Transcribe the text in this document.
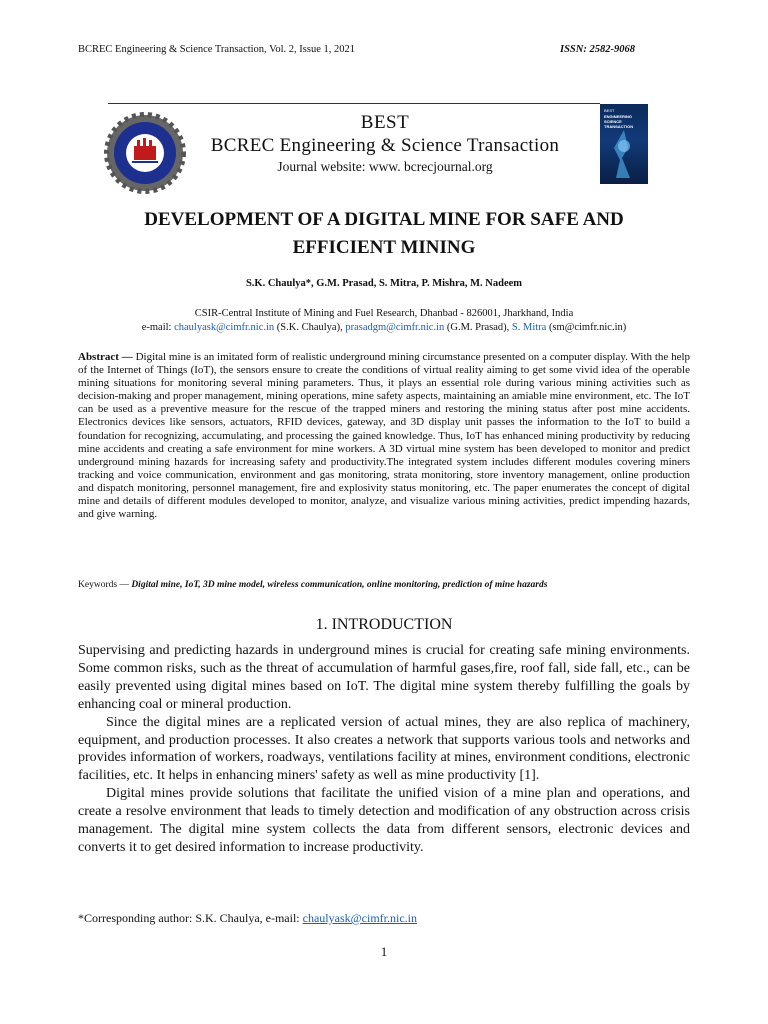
BCREC Engineering & Science Transaction, Vol. 2, Issue 1, 2021	ISSN: 2582-9068
BEST
BCREC Engineering & Science Transaction
Journal website: www. bcrecjournal.org
BEST
ENGINEERING SCIENCE TRANSACTION
DEVELOPMENT OF A DIGITAL MINE FOR SAFE AND
EFFICIENT MINING
S.K. Chaulya*, G.M. Prasad, S. Mitra, P. Mishra, M. Nadeem
CSIR-Central Institute of Mining and Fuel Research, Dhanbad - 826001, Jharkhand, India
e-mail: chaulyask@cimfr.nic.in (S.K. Chaulya), prasadgm@cimfr.nic.in (G.M. Prasad), S. Mitra (sm@cimfr.nic.in)
Abstract — Digital mine is an imitated form of realistic underground mining circumstance presented on a computer display. With the help of the Internet of Things (IoT), the sensors ensure to create the conditions of virtual reality aiming to get some vivid idea of the operable mining situations for monitoring several mining parameters. Thus, it plays an essential role during various mining activities such as decision-making and proper management, mining operations, mine safety aspects, maintaining an amiable mine environment, etc. The IoT can be used as a preventive measure for the rescue of the trapped miners and restoring the mining status after post mine accidents. Electronics devices like sensors, actuators, RFID devices, gateway, and 3D display unit passes the information to the IoT to build a foundation for recognizing, accumulating, and processing the gained knowledge. Thus, IoT has enhanced mining productivity by reducing mine accidents and creating a safe environment for mine workers. A 3D virtual mine system has been developed to monitor and predict underground mining hazards for increasing safety and productivity.The integrated system includes different modules covering miners tracking and voice communication, environment and gas monitoring, strata monitoring, store inventory management, online production and dispatch monitoring, personnel management, fire and explosivity status monitoring, etc. The paper enumerates the concept of digital mine and details of different modules developed to monitor, analyze, and visualize various mining activities, predict impending hazards, and give warning.
Keywords — Digital mine, IoT, 3D mine model, wireless communication, online monitoring, prediction of mine hazards
1. INTRODUCTION

Supervising and predicting hazards in underground mines is crucial for creating safe mining environments. Some common risks, such as the threat of accumulation of harmful gases,fire, roof fall, side fall, etc., can be easily prevented using digital mines based on IoT. The digital mine system thereby fulfilling the goals by enhancing coal or mineral production.

Since the digital mines are a replicated version of actual mines, they are also replica of machinery, equipment, and production processes. It also creates a network that supports various tools and networks and provides information of workers, roadways, ventilations facility at mines, environment conditions, electronic facilities, etc. It helps in enhancing miners' safety as well as mine productivity [1].

Digital mines provide solutions that facilitate the unified vision of a mine plan and operations, and create a resolve environment that leads to timely detection and modification of any obstruction across crisis management. The digital mine system collects the data from different sensors, electronic devices and converts it to get desired information to increase productivity.

*Corresponding author: S.K. Chaulya, e-mail: chaulyask@cimfr.nic.in
1
